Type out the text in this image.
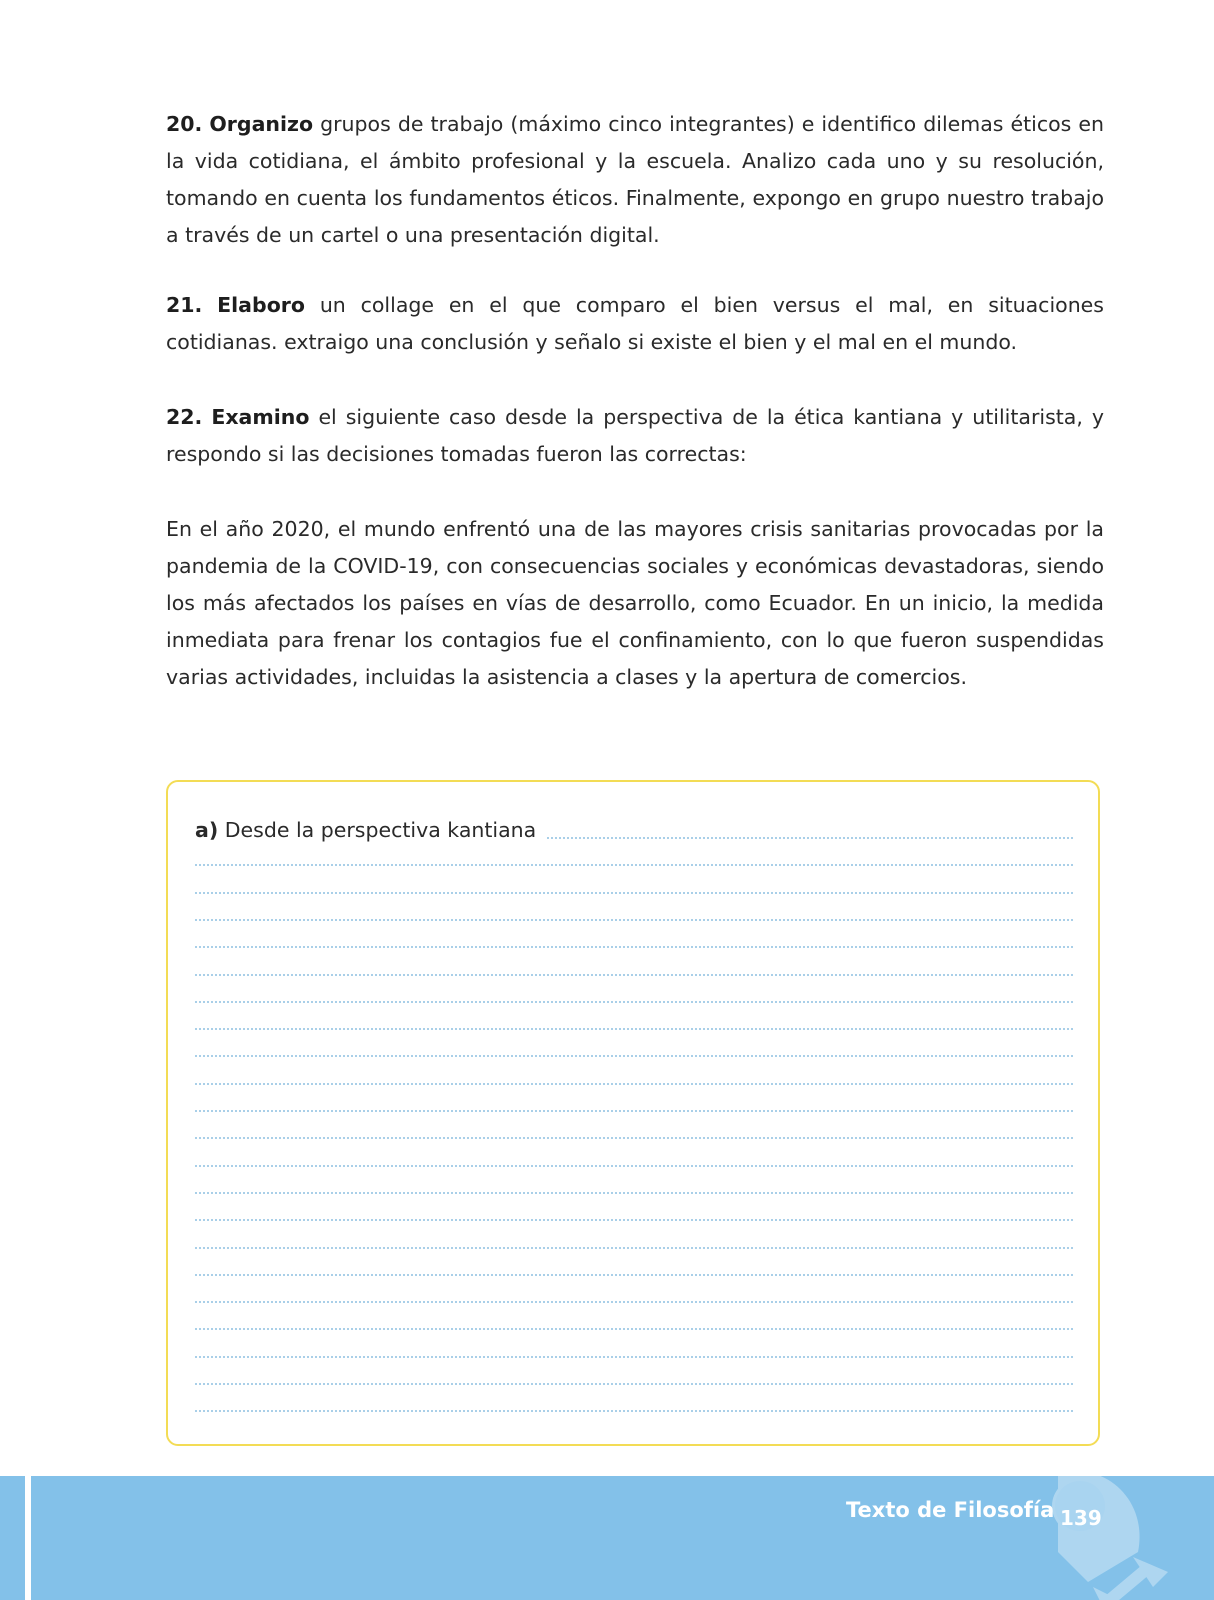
20. Organizo grupos de trabajo (máximo cinco integrantes) e identifico dilemas éticos en la vida cotidiana, el ámbito profesional y la escuela. Analizo cada uno y su resolución, tomando en cuenta los fundamentos éticos. Finalmente, expongo en grupo nuestro trabajo a través de un cartel o una presentación digital.

21. Elaboro un collage en el que comparo el bien versus el mal, en situaciones cotidianas. extraigo una conclusión y señalo si existe el bien y el mal en el mundo.

22. Examino el siguiente caso desde la perspectiva de la ética kantiana y utilitarista, y respondo si las decisiones tomadas fueron las correctas:

En el año 2020, el mundo enfrentó una de las mayores crisis sanitarias provocadas por la pandemia de la COVID-19, con consecuencias sociales y económicas devastadoras, siendo los más afectados los países en vías de desarrollo, como Ecuador. En un inicio, la medida inmediata para frenar los contagios fue el confinamiento, con lo que fueron suspendidas varias actividades, incluidas la asistencia a clases y la apertura de comercios.

a) Desde la perspectiva kantiana
Texto de Filosofía 139
